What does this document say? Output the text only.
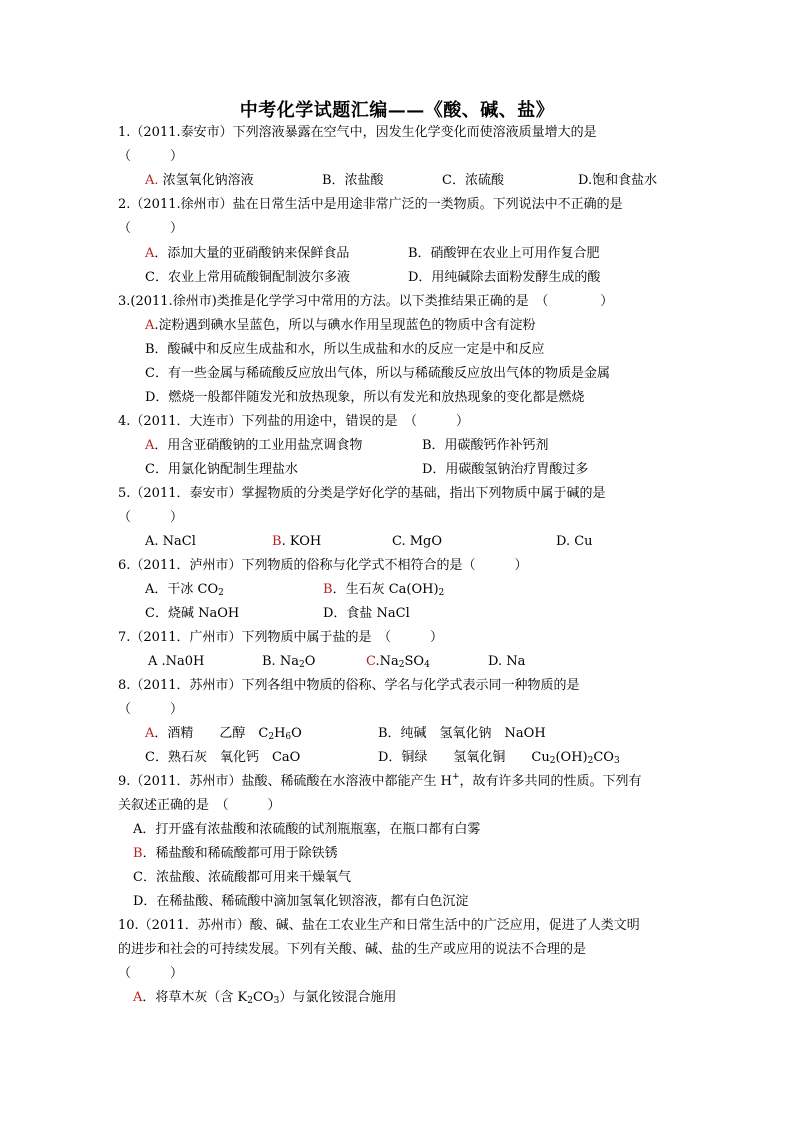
中考化学试题汇编——《酸、碱、盐》
1.（2011.泰安市）下列溶液暴露在空气中，因发生化学变化而使溶液质量增大的是
（　　　）
A. 浓氢氧化钠溶液	B．浓盐酸	C．浓硫酸	D.饱和食盐水
2.（2011.徐州市）盐在日常生活中是用途非常广泛的一类物质。下列说法中不正确的是
（　　　）
A．添加大量的亚硝酸钠来保鲜食品	B．硝酸钾在农业上可用作复合肥
C．农业上常用硫酸铜配制波尔多液	D．用纯碱除去面粉发酵生成的酸
3.(2011.徐州市)类推是化学学习中常用的方法。以下类推结果正确的是　（　　　　）
A.淀粉遇到碘水呈蓝色，所以与碘水作用呈现蓝色的物质中含有淀粉
B．酸碱中和反应生成盐和水，所以生成盐和水的反应一定是中和反应
C．有一些金属与稀硫酸反应放出气体，所以与稀硫酸反应放出气体的物质是金属
D．燃烧一般都伴随发光和放热现象，所以有发光和放热现象的变化都是燃烧
4.（2011．大连市）下列盐的用途中，错误的是　（　　　）
A．用含亚硝酸钠的工业用盐烹调食物	B．用碳酸钙作补钙剂
C．用氯化钠配制生理盐水	D．用碳酸氢钠治疗胃酸过多
5.（2011．泰安市）掌握物质的分类是学好化学的基础，指出下列物质中属于碱的是
（　　　）
A. NaCl	B. KOH	C. MgO	D. Cu
6.（2011．泸州市）下列物质的俗称与化学式不相符合的是（　　　）
A．干冰 $CO_2$	B．生石灰 $Ca(OH)_2$
C．烧碱 NaOH	D．食盐 NaCl
7.（2011．广州市）下列物质中属于盐的是　（　　　）
A .Na0H	B. $Na_2O$	$C.Na_2SO_4$	D. Na
8.（2011．苏州市）下列各组中物质的俗称、学名与化学式表示同一种物质的是
（　　　）
A．酒精　　乙醇　$C_2H_6O$	B．纯碱　氢氧化钠　NaOH
C．熟石灰　氧化钙　CaO	D．铜绿　　氢氧化铜　　$Cu_2(OH)_2CO_3$
9.（2011．苏州市）盐酸、稀硫酸在水溶液中都能产生 H+，故有许多共同的性质。下列有
关叙述正确的是　（　　　）
A．打开盛有浓盐酸和浓硫酸的试剂瓶瓶塞，在瓶口都有白雾
B．稀盐酸和稀硫酸都可用于除铁锈
C．浓盐酸、浓硫酸都可用来干燥氧气
D．在稀盐酸、稀硫酸中滴加氢氧化钡溶液，都有白色沉淀
10.（2011．苏州市）酸、碱、盐在工农业生产和日常生活中的广泛应用，促进了人类文明
的进步和社会的可持续发展。下列有关酸、碱、盐的生产或应用的说法不合理的是
（　　　）
A．将草木灰（含 $K_2CO_3$）与氯化铵混合施用
